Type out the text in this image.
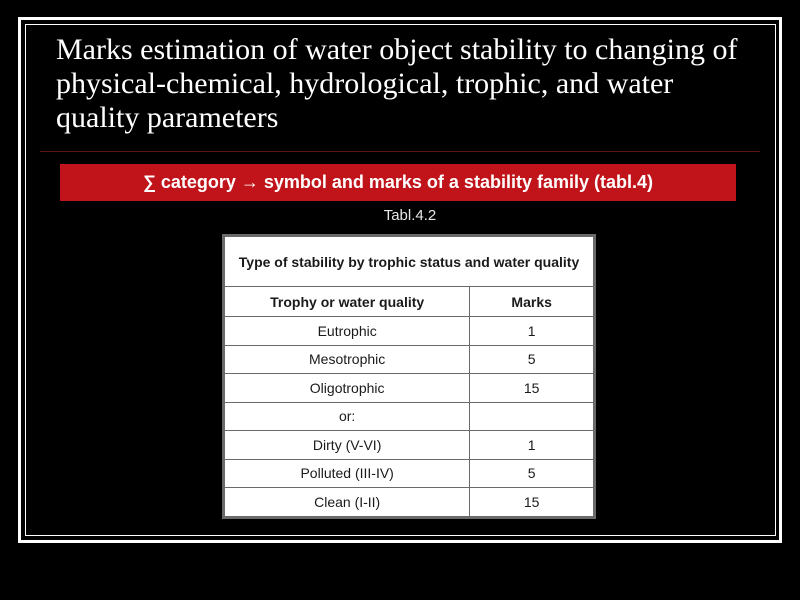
Marks estimation of water object stability to changing of physical-chemical, hydrological, trophic, and water quality parameters
∑ category → symbol and marks of a stability family (tabl.4)
Tabl.4.2
Type of stability by trophic status and water quality	
Trophy or water quality	Marks
Eutrophic	1
Mesotrophic	5
Oligotrophic	15
or:	
Dirty (V-VI)	1
Polluted (III-IV)	5
Clean (I-II)	15
